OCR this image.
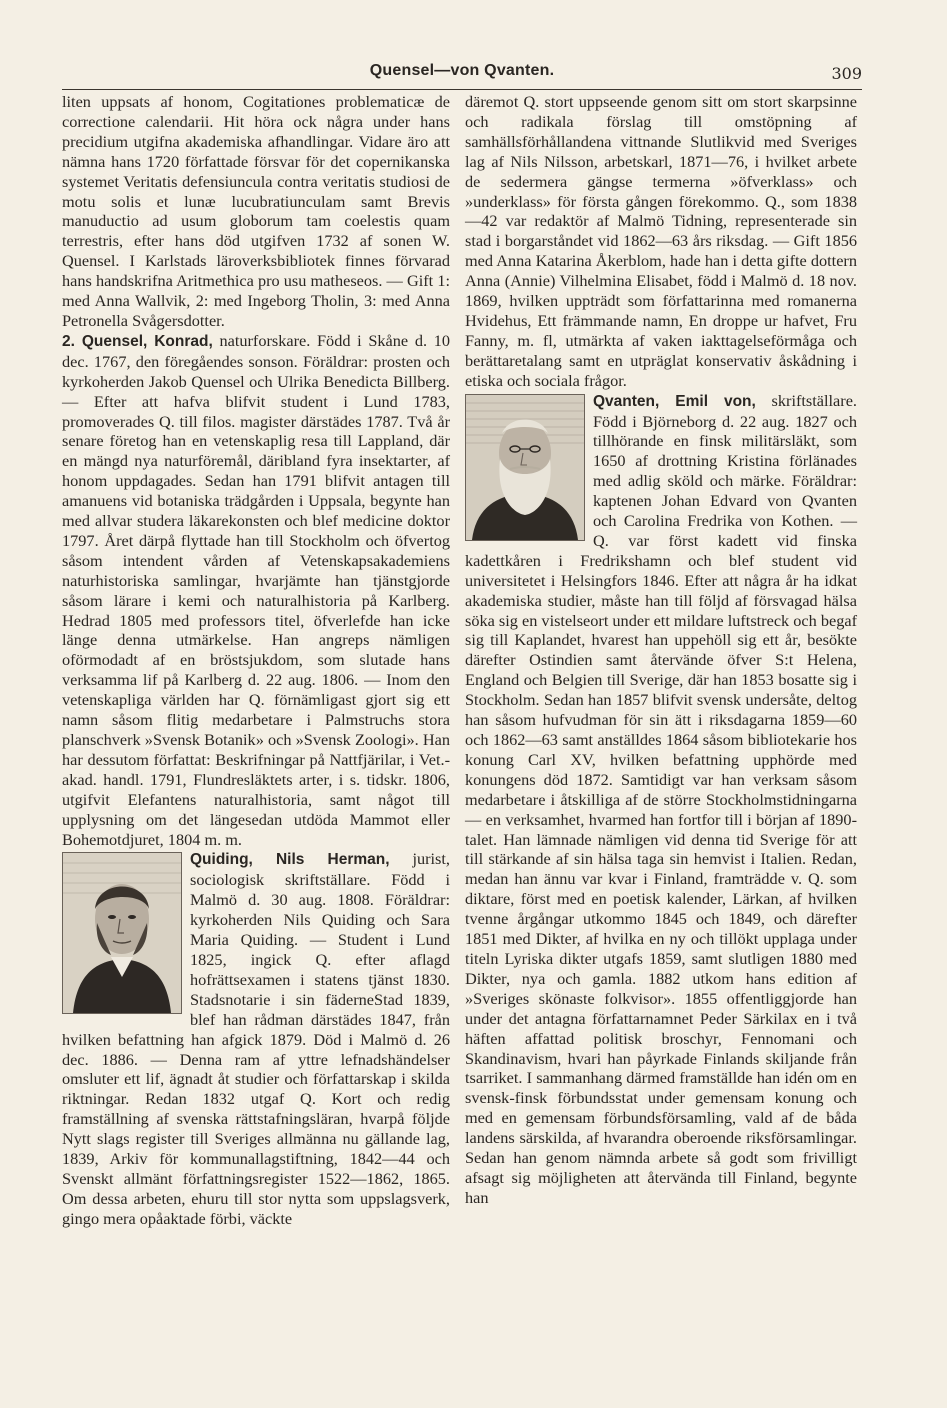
Quensel—von Qvanten.	309

liten uppsats af honom, Cogitationes problematicæ de correctione calendarii. Hit höra ock några under hans precidium utgifna akademiska afhandlingar. Vidare äro att nämna hans 1720 författade försvar för det copernikanska systemet Veritatis defensiuncula contra veritatis studiosi de motu solis et lunæ lucubratiunculam samt Brevis manuductio ad usum globorum tam coelestis quam terrestris, efter hans död utgifven 1732 af sonen W. Quensel. I Karlstads läroverksbibliotek finnes förvarad hans handskrifna Aritmethica pro usu matheseos. — Gift 1: med Anna Wallvik, 2: med Ingeborg Tholin, 3: med Anna Petronella Svågersdotter.

2. Quensel, Konrad, naturforskare. Född i Skåne d. 10 dec. 1767, den föregåendes sonson. Föräldrar: prosten och kyrkoherden Jakob Quensel och Ulrika Benedicta Billberg. — Efter att hafva blifvit student i Lund 1783, promoverades Q. till filos. magister därstädes 1787. Två år senare företog han en vetenskaplig resa till Lappland, där en mängd nya naturföremål, däribland fyra insektarter, af honom uppdagades. Sedan han 1791 blifvit antagen till amanuens vid botaniska trädgården i Uppsala, begynte han med allvar studera läkarekonsten och blef medicine doktor 1797. Året därpå flyttade han till Stockholm och öfvertog såsom intendent vården af Vetenskapsakademiens naturhistoriska samlingar, hvarjämte han tjänstgjorde såsom lärare i kemi och naturalhistoria på Karlberg. Hedrad 1805 med professors titel, öfverlefde han icke länge denna utmärkelse. Han angreps nämligen oförmodadt af en bröstsjukdom, som slutade hans verksamma lif på Karlberg d. 22 aug. 1806. — Inom den vetenskapliga världen har Q. förnämligast gjort sig ett namn såsom flitig medarbetare i Palmstruchs stora planschverk »Svensk Botanik» och »Svensk Zoologi». Han har dessutom författat: Beskrifningar på Nattfjärilar, i Vet.-akad. handl. 1791, Flundresläktets arter, i s. tidskr. 1806, utgifvit Elefantens naturalhistoria, samt något till upplysning om det längesedan utdöda Mammot eller Bohemotdjuret, 1804 m. m.

Quiding, Nils Herman,
jurist, sociologisk skriftställare. Född i Malmö d. 30 aug. 1808. Föräldrar: kyrkoherden Nils Quiding och Sara Maria Quiding. — Student i Lund 1825, ingick Q. efter aflagd hofrättsexamen i statens tjänst 1830. Stadsnotarie i sin fäderneStad 1839, blef han rådman därstädes 1847, från hvilken befattning han afgick 1879. Död i Malmö d. 26 dec. 1886. — Denna ram af yttre lefnadshändelser omsluter ett lif, ägnadt åt studier och författarskap i skilda riktningar. Redan 1832 utgaf Q. Kort och redig framställning af svenska rättstafningsläran, hvarpå följde Nytt slags register till Sveriges allmänna nu gällande lag, 1839, Arkiv för kommunallagstiftning, 1842—44 och Svenskt allmänt författningsregister 1522—1862, 1865. Om dessa arbeten, ehuru till stor nytta som uppslagsverk, gingo mera opåaktade förbi, väckte

däremot Q. stort uppseende genom sitt om stort skarpsinne och radikala förslag till omstöpning af samhällsförhållandena vittnande Slutlikvid med Sveriges lag af Nils Nilsson, arbetskarl, 1871—76, i hvilket arbete de sedermera gängse termerna »öfverklass» och »underklass» för första gången förekommo. Q., som 1838—42 var redaktör af Malmö Tidning, representerade sin stad i borgarståndet vid 1862—63 års riksdag. — Gift 1856 med Anna Katarina Åkerblom, hade han i detta gifte dottern Anna (Annie) Vilhelmina Elisabet, född i Malmö d. 18 nov. 1869, hvilken uppträdt som författarinna med romanerna Hvidehus, Ett främmande namn, En droppe ur hafvet, Fru Fanny, m. fl, utmärkta af vaken iakttagelseförmåga och berättaretalang samt en utpräglat konservativ åskådning i etiska och sociala frågor.

Qvanten, Emil von,
skriftställare. Född i Björneborg d. 22 aug. 1827 och tillhörande en finsk militärsläkt, som 1650 af drottning Kristina förlänades med adlig sköld och märke. Föräldrar: kaptenen Johan Edvard von Qvanten och Carolina Fredrika von Kothen. — Q. var först kadett vid finska kadettkåren i Fredrikshamn och blef student vid universitetet i Helsingfors 1846. Efter att några år ha idkat akademiska studier, måste han till följd af försvagad hälsa söka sig en vistelseort under ett mildare luftstreck och begaf sig till Kaplandet, hvarest han uppehöll sig ett år, besökte därefter Ostindien samt återvände öfver S:t Helena, England och Belgien till Sverige, där han 1853 bosatte sig i Stockholm. Sedan han 1857 blifvit svensk undersåte, deltog han såsom hufvudman för sin ätt i riksdagarna 1859—60 och 1862—63 samt anställdes 1864 såsom bibliotekarie hos konung Carl XV, hvilken befattning upphörde med konungens död 1872. Samtidigt var han verksam såsom medarbetare i åtskilliga af de större Stockholmstidningarna — en verksamhet, hvarmed han fortfor till i början af 1890-talet. Han lämnade nämligen vid denna tid Sverige för att till stärkande af sin hälsa taga sin hemvist i Italien. Redan, medan han ännu var kvar i Finland, framträdde v. Q. som diktare, först med en poetisk kalender, Lärkan, af hvilken tvenne årgångar utkommo 1845 och 1849, och därefter 1851 med Dikter, af hvilka en ny och tillökt upplaga under titeln Lyriska dikter utgafs 1859, samt slutligen 1880 med Dikter, nya och gamla. 1882 utkom hans edition af »Sveriges skönaste folkvisor». 1855 offentliggjorde han under det antagna författarnamnet Peder Särkilax en i två häften affattad politisk broschyr, Fennomani och Skandinavism, hvari han påyrkade Finlands skiljande från tsarriket. I sammanhang därmed framställde han idén om en svensk-finsk förbundsstat under gemensam konung och med en gemensam förbundsförsamling, vald af de båda landens särskilda, af hvarandra oberoende riksförsamlingar. Sedan han genom nämnda arbete så godt som frivilligt afsagt sig möjligheten att återvända till Finland, begynte han
